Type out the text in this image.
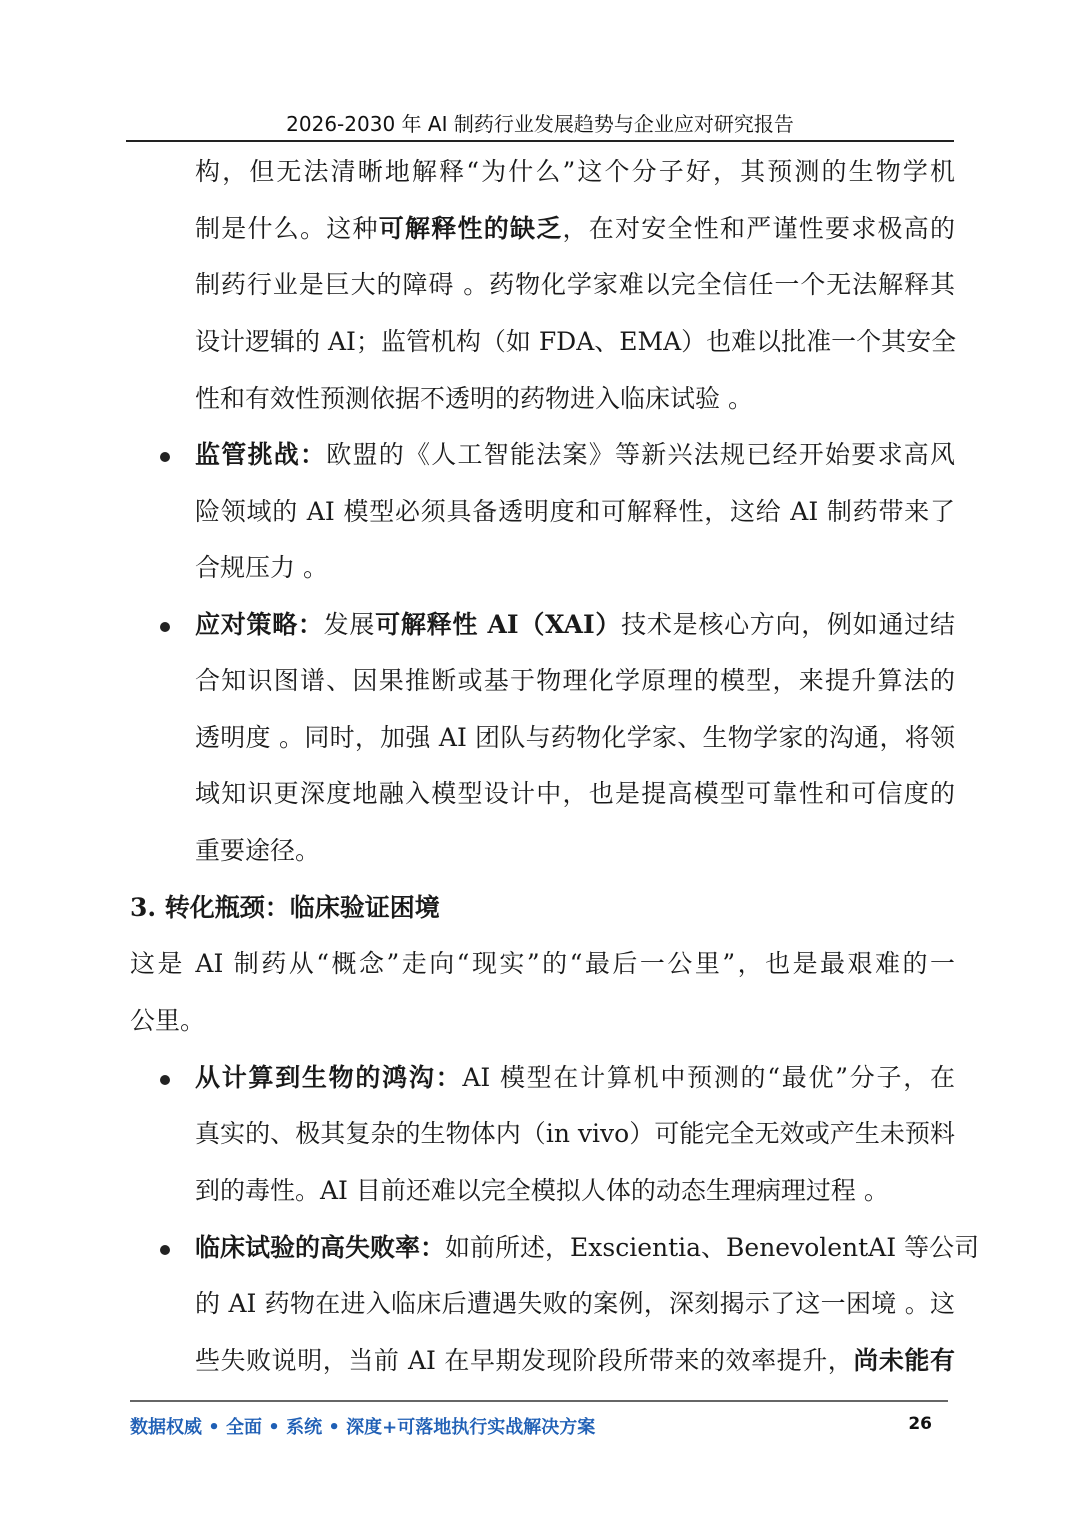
2026-2030 年 AI 制药行业发展趋势与企业应对研究报告
构，但无法清晰地解释“为什么”这个分子好，其预测的生物学机
制是什么。这种可解释性的缺乏，在对安全性和严谨性要求极高的
制药行业是巨大的障碍 。药物化学家难以完全信任一个无法解释其
设计逻辑的 AI；监管机构（如 FDA、EMA）也难以批准一个其安全
性和有效性预测依据不透明的药物进入临床试验 。
监管挑战：欧盟的《人工智能法案》等新兴法规已经开始要求高风
险领域的 AI 模型必须具备透明度和可解释性，这给 AI 制药带来了
合规压力 。
应对策略：发展可解释性 AI（XAI）技术是核心方向，例如通过结
合知识图谱、因果推断或基于物理化学原理的模型，来提升算法的
透明度 。同时，加强 AI 团队与药物化学家、生物学家的沟通，将领
域知识更深度地融入模型设计中，也是提高模型可靠性和可信度的
重要途径。
3. 转化瓶颈：临床验证困境
这是 AI 制药从“概念”走向“现实”的“最后一公里”，也是最艰难的一
公里。
从计算到生物的鸿沟：AI 模型在计算机中预测的“最优”分子，在
真实的、极其复杂的生物体内（in vivo）可能完全无效或产生未预料
到的毒性。AI 目前还难以完全模拟人体的动态生理病理过程 。
临床试验的高失败率：如前所述，Exscientia、BenevolentAI 等公司
的 AI 药物在进入临床后遭遇失败的案例，深刻揭示了这一困境 。这
些失败说明，当前 AI 在早期发现阶段所带来的效率提升，尚未能有
数据权威 • 全面 • 系统 • 深度+可落地执行实战解决方案	26
